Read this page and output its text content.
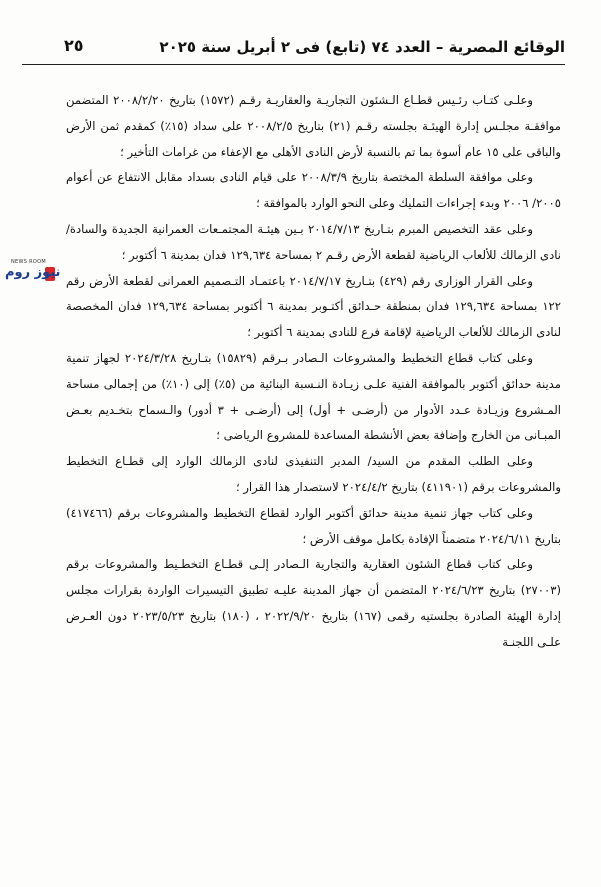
الوقائع المصرية – العدد ٧٤ (تابع) فى ٢ أبريل سنة ٢٠٢٥
٢٥
NEWS ROOM
نيوز روم

وعلـى كتـاب رئـيس قطـاع الـشئون التجاريـة والعقاريـة رقـم (١٥٧٢) بتاريخ ٢٠٠٨/٢/٢٠ المتضمن موافقـة مجلـس إدارة الهيئـة بجلسته رقـم (٢١) بتاريخ ٢٠٠٨/٢/٥ على سداد (١٥٪) كمقدم ثمن الأرض والباقى على ١٥ عام أسوة بما تم بالنسبة لأرض النادى الأهلى مع الإعفاء من غرامات التأخير ؛

وعلى موافقة السلطة المختصة بتاريخ ٢٠٠٨/٣/٩ على قيام النادى بسداد مقابل الانتفاع عن أعوام ٢٠٠٥/ ٢٠٠٦ وبدء إجراءات التمليك وعلى النحو الوارد بالموافقة ؛

وعلى عقد التخصيص المبرم بتـاريخ ٢٠١٤/٧/١٣ بـين هيئـة المجتمـعات العمرانية الجديدة والسادة/ نادى الزمالك للألعاب الرياضية لقطعة الأرض رقـم ٢ بمساحة ١٢٩,٦٣٤ فدان بمدينة ٦ أكتوبر ؛

وعلى القرار الوزارى رقم (٤٢٩) بتـاريخ ٢٠١٤/٧/١٧ باعتمـاد التـصميم العمرانى لقطعة الأرض رقم ١٢٢ بمساحة ١٢٩,٦٣٤ فدان بمنطقة حـدائق أكتـوبر بمدينة ٦ أكتوبر بمساحة ١٢٩,٦٣٤ فدان المخصصة لنادى الزمالك للألعاب الرياضية لإقامة فرع للنادى بمدينة ٦ أكتوبر ؛

وعلى كتاب قطاع التخطيط والمشروعات الـصادر بـرقم (١٥٨٢٩) بتـاريخ ٢٠٢٤/٣/٢٨ لجهاز تنمية مدينة حدائق أكتوبر بالموافقة الفنية علـى زيـادة النـسبة البنائية من (٥٪) إلى (١٠٪) من إجمالى مساحة المـشروع وزيـادة عـدد الأدوار من (أرضـى + أول) إلى (أرضـى + ٣ أدور) والـسماح بتخـديم بعـض المبـانى من الخارج وإضافة بعض الأنشطة المساعدة للمشروع الرياضى ؛

وعلى الطلب المقدم من السيد/ المدير التنفيذى لنادى الزمالك الوارد إلى قطـاع التخطيط والمشروعات برقم (٤١١٩٠١) بتاريخ ٢٠٢٤/٤/٢ لاستصدار هذا القرار ؛

وعلى كتاب جهاز تنمية مدينة حدائق أكتوبر الوارد لقطاع التخطيط والمشروعات برقم (٤١٧٤٦٦) بتاريخ ٢٠٢٤/٦/١١ متضمناً الإفادة بكامل موقف الأرض ؛

وعلى كتاب قطاع الشئون العقارية والتجارية الـصادر إلـى قطـاع التخطـيط والمشروعات برقم (٢٧٠٠٣) بتاريخ ٢٠٢٤/٦/٢٣ المتضمن أن جهاز المدينة عليـه تطبيق التيسيرات الواردة بقرارات مجلس إدارة الهيئة الصادرة بجلستيه رقمى (١٦٧) بتاريخ ٢٠٢٢/٩/٢٠ ، (١٨٠) بتاريخ ٢٠٢٣/٥/٢٣ دون العـرض علـى اللجنـة
